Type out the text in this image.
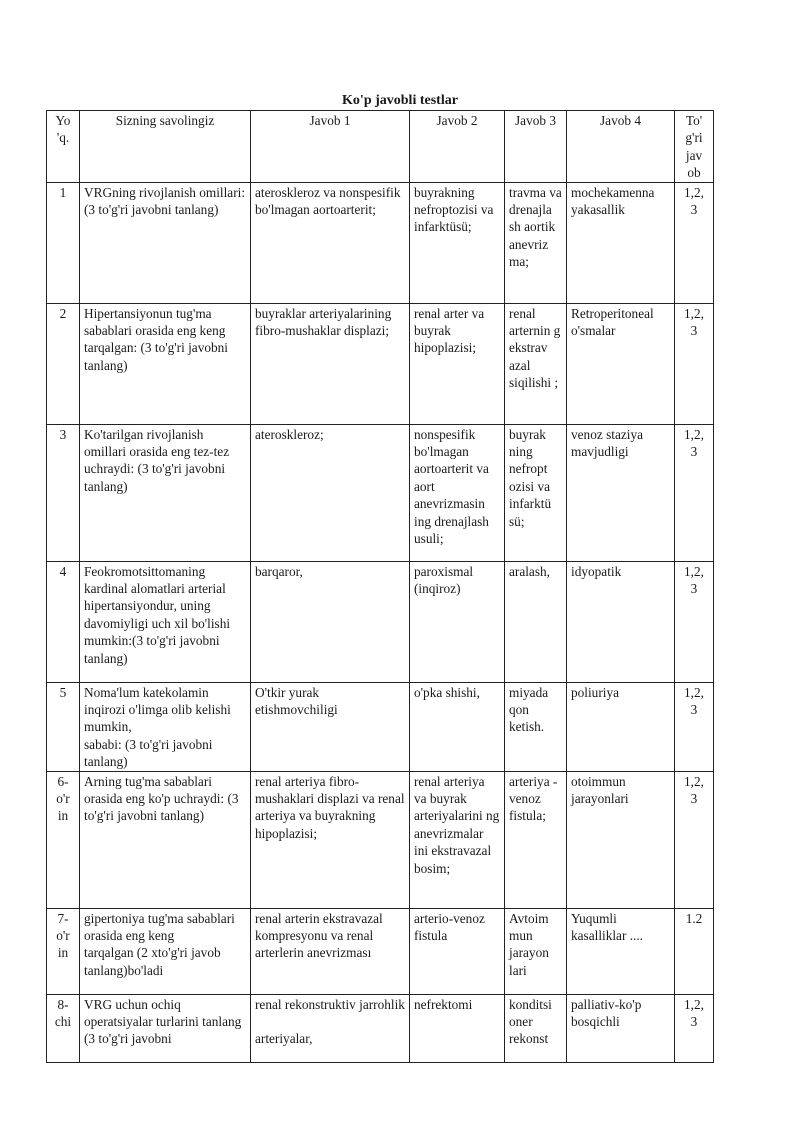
Ko'p javobli testlar
Yo
'q.	Sizning savolingiz	Javob 1	Javob 2	Javob 3	Javob 4	To'
g'ri
jav
ob
1	VRGning rivojlanish omillari: (3 to'g'ri javobni tanlang)	ateroskleroz va nonspesifik bo'lmagan aortoarterit;	buyrakning nefroptozisi va infarktüsü;	travma va drenajla sh aortik anevriz ma;	mochekamenna yakasallik	1,2,
3
2	Hipertansiyonun tug'ma sabablari orasida eng keng tarqalgan: (3 to'g'ri javobni tanlang)	buyraklar arteriyalarining fibro-mushaklar displazi;	renal arter va buyrak hipoplazisi;	renal arternin g ekstrav azal siqilishi ;	Retroperitoneal o'smalar	1,2,
3
3	Ko'tarilgan rivojlanish omillari orasida eng tez-tez uchraydi: (3 to'g'ri javobni tanlang)	ateroskleroz;	nonspesifik bo'lmagan aortoarterit va aort anevrizmasin ing drenajlash usuli;	buyrak ning nefropt ozisi va infarktü sü;	venoz staziya mavjudligi	1,2,
3
4	Feokromotsittomaning kardinal alomatlari arterial hipertansiyondur, uning davomiyligi uch xil bo'lishi mumkin:(3 to'g'ri javobni tanlang)	barqaror,	paroxismal (inqiroz)	aralash,	idyopatik	1,2,
3
5	Noma'lum katekolamin inqirozi o'limga olib kelishi mumkin,
sababi: (3 to'g'ri javobni tanlang)	O'tkir yurak etishmovchiligi	o'pka shishi,	miyada qon ketish.	poliuriya	1,2,
3
6-
o'r
in	Arning tug'ma sabablari orasida eng ko'p uchraydi: (3 to'g'ri javobni tanlang)	renal arteriya fibro-mushaklari displazi va renal arteriya va buyrakning hipoplazisi;	renal arteriya va buyrak arteriyalarini ng anevrizmalar ini ekstravazal bosim;	arteriya -venoz fistula;	otoimmun jarayonlari	1,2,
3
7-
o'r
in	gipertoniya tug'ma sabablari orasida eng keng
tarqalgan (2 xto'g'ri javob tanlang)bo'ladi	renal arterin ekstravazal kompresyonu va renal arterlerin anevrizması	arterio-venoz fistula	Avtoim mun jarayon lari	Yuqumli kasalliklar ....	1.2
8-
chi	VRG uchun ochiq operatsiyalar turlarini tanlang (3 to'g'ri javobni	renal rekonstruktiv jarrohlik

arteriyalar,	nefrektomi	konditsi oner rekonst	palliativ-ko'p bosqichli	1,2,
3
